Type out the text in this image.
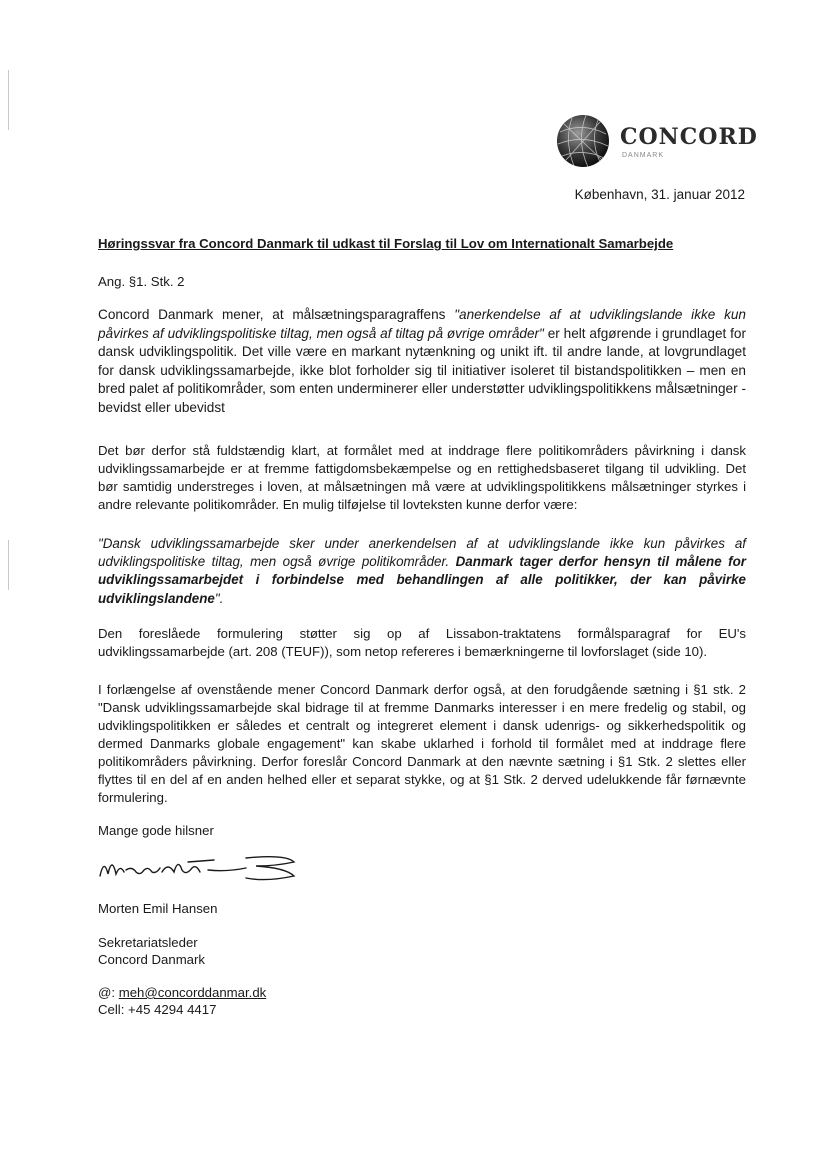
CONCORD
DANMARK
København, 31. januar 2012
Høringssvar fra Concord Danmark til udkast til Forslag til Lov om Internationalt Samarbejde
Ang. §1. Stk. 2
Concord Danmark mener, at målsætningsparagraffens "anerkendelse af at udviklingslande ikke kun påvirkes af udviklingspolitiske tiltag, men også af tiltag på øvrige områder" er helt afgørende i grundlaget for dansk udviklingspolitik. Det ville være en markant nytænkning og unikt ift. til andre lande, at lovgrundlaget for dansk udviklingssamarbejde, ikke blot forholder sig til initiativer isoleret til bistandspolitikken – men en bred palet af politikområder, som enten underminerer eller understøtter udviklingspolitikkens målsætninger - bevidst eller ubevidst
Det bør derfor stå fuldstændig klart, at formålet med at inddrage flere politikområders påvirkning i dansk udviklingssamarbejde er at fremme fattigdomsbekæmpelse og en rettighedsbaseret tilgang til udvikling. Det bør samtidig understreges i loven, at målsætningen må være at udviklingspolitikkens målsætninger styrkes i andre relevante politikområder. En mulig tilføjelse til lovteksten kunne derfor være:
"Dansk udviklingssamarbejde sker under anerkendelsen af at udviklingslande ikke kun påvirkes af udviklingspolitiske tiltag, men også øvrige politikområder. Danmark tager derfor hensyn til målene for udviklingssamarbejdet i forbindelse med behandlingen af alle politikker, der kan påvirke udviklingslandene".
Den foreslåede formulering støtter sig op af Lissabon-traktatens formålsparagraf for EU's udviklingssamarbejde (art. 208 (TEUF)), som netop refereres i bemærkningerne til lovforslaget (side 10).
I forlængelse af ovenstående mener Concord Danmark derfor også, at den forudgående sætning i §1 stk. 2 "Dansk udviklingssamarbejde skal bidrage til at fremme Danmarks interesser i en mere fredelig og stabil, og udviklingspolitikken er således et centralt og integreret element i dansk udenrigs- og sikkerhedspolitik og dermed Danmarks globale engagement" kan skabe uklarhed i forhold til formålet med at inddrage flere politikområders påvirkning. Derfor foreslår Concord Danmark at den nævnte sætning i §1 Stk. 2 slettes eller flyttes til en del af en anden helhed eller et separat stykke, og at §1 Stk. 2 derved udelukkende får førnævnte formulering.
Mange gode hilsner
Morten Emil Hansen
Sekretariatsleder
Concord Danmark
@: meh@concorddanmar.dk
Cell: +45 4294 4417
